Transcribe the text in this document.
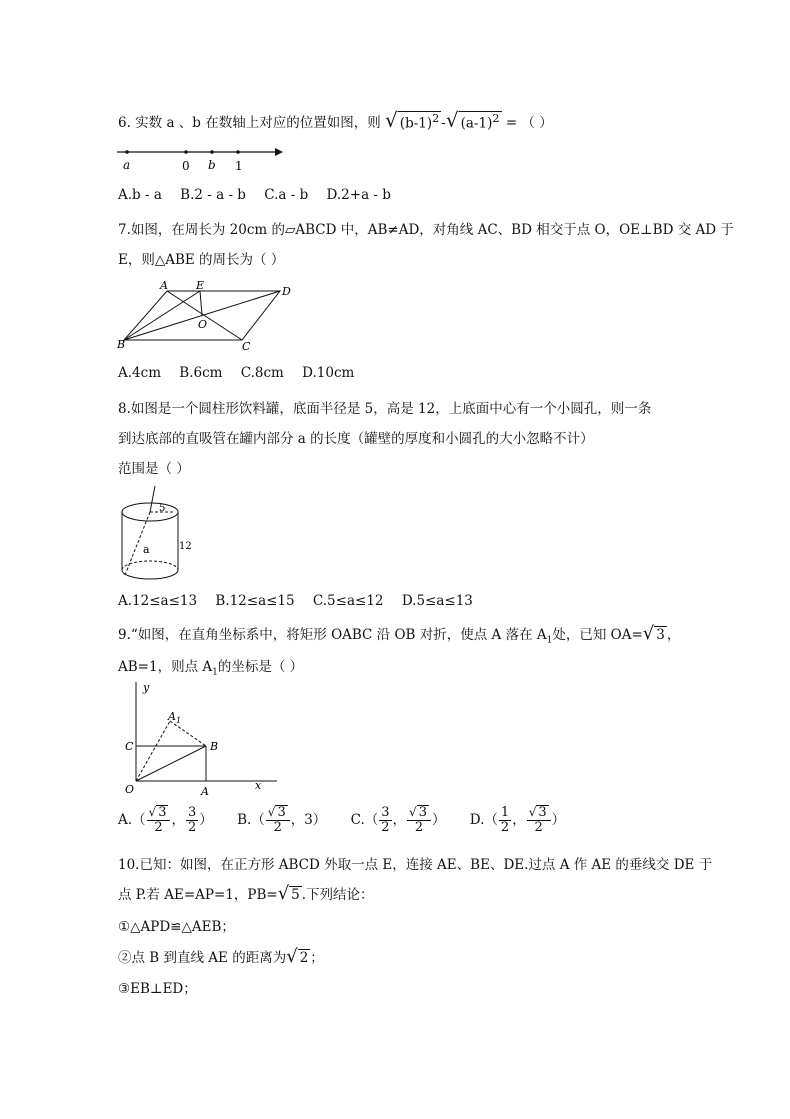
6. 实数 a 、b 在数轴上对应的位置如图，则 √ $(b-1)^2$ -√ $(a-1)^2$ = （ ）
a	0 b 1
A.b - a B.2 - a - b C.a - b D.2+a - b
7.如图，在周长为 20cm 的▱ABCD 中，AB≠AD，对角线 AC、BD 相交于点 O，OE⊥BD 交 AD 于
E，则△ABE 的周长为（ ）
A	E	D
O
B	C
A.4cm B.6cm C.8cm D.10cm
8.如图是一个圆柱形饮料罐，底面半径是 5，高是 12，上底面中心有一个小圆孔，则一条
到达底部的直吸管在罐内部分 a 的长度（罐壁的厚度和小圆孔的大小忽略不计）
范围是（ ）
5
a	12
A.12≤a≤13 B.12≤a≤15 C.5≤a≤12 D.5≤a≤13
9.“如图，在直角坐标系中，将矩形 OABC 沿 OB 对折，使点 A 落在 $A_1$处，已知 OA=√ 3 ，
AB=1，则点 $A_1$的坐标是（ ）
y
A 1
C	B
O	A	x
$A.( \frac{√ 3}{2}$ ， $\frac{3}{2}$ ） $B.( \frac{√ 3}{2}$ ，3） $C.( \frac{3}{2}$ ， $\frac{√ 3}{2}$ ） $D.( \frac{1}{2}$ ， $\frac{√ 3}{2}$ ）
10.已知：如图，在正方形 ABCD 外取一点 E，连接 AE、BE、DE.过点 A 作 AE 的垂线交 DE 于
点 P.若 AE=AP=1，PB=√ 5 .下列结论：
①△APD≌△AEB；
②点 B 到直线 AE 的距离为√ 2 ；
③EB⊥ED；
